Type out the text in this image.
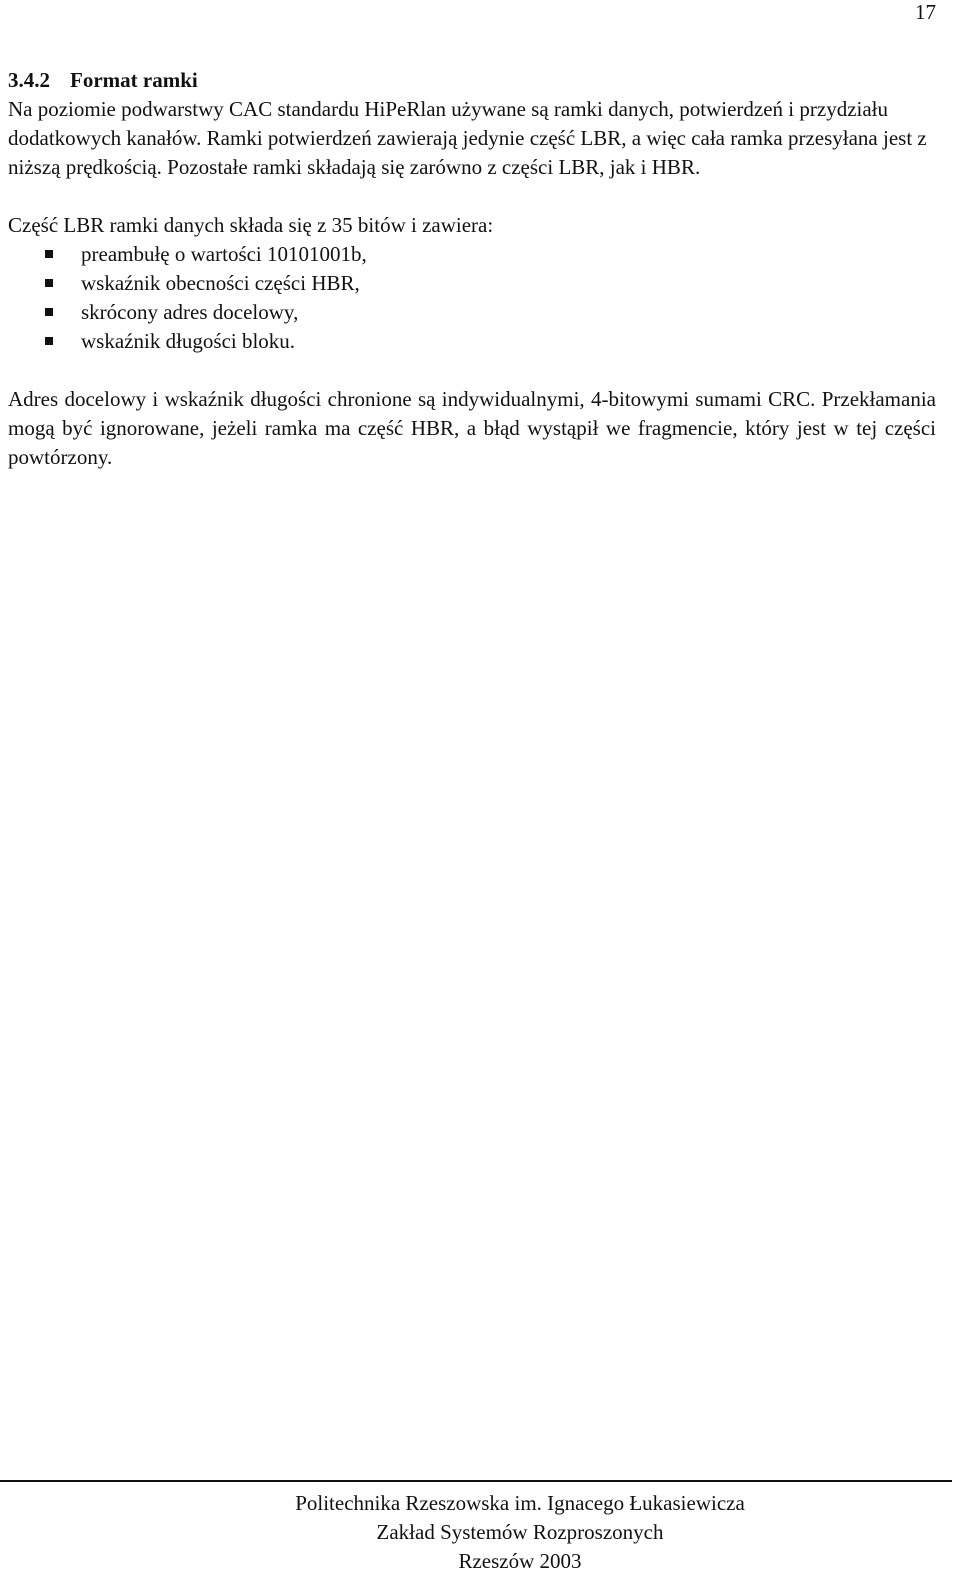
17
3.4.2 Format ramki

Na poziomie podwarstwy CAC standardu HiPeRlan używane są ramki danych, potwierdzeń i przydziału dodatkowych kanałów. Ramki potwierdzeń zawierają jedynie część LBR, a więc cała ramka przesyłana jest z niższą prędkością. Pozostałe ramki składają się zarówno z części LBR, jak i HBR.

Część LBR ramki danych składa się z 35 bitów i zawiera:

preambułę o wartości 10101001b,
wskaźnik obecności części HBR,
skrócony adres docelowy,
wskaźnik długości bloku.

Adres docelowy i wskaźnik długości chronione są indywidualnymi, 4-bitowymi sumami CRC. Przekłamania mogą być ignorowane, jeżeli ramka ma część HBR, a błąd wystąpił we fragmencie, który jest w tej części powtórzony.

Politechnika Rzeszowska im. Ignacego Łukasiewicza
Zakład Systemów Rozproszonych
Rzeszów 2003
